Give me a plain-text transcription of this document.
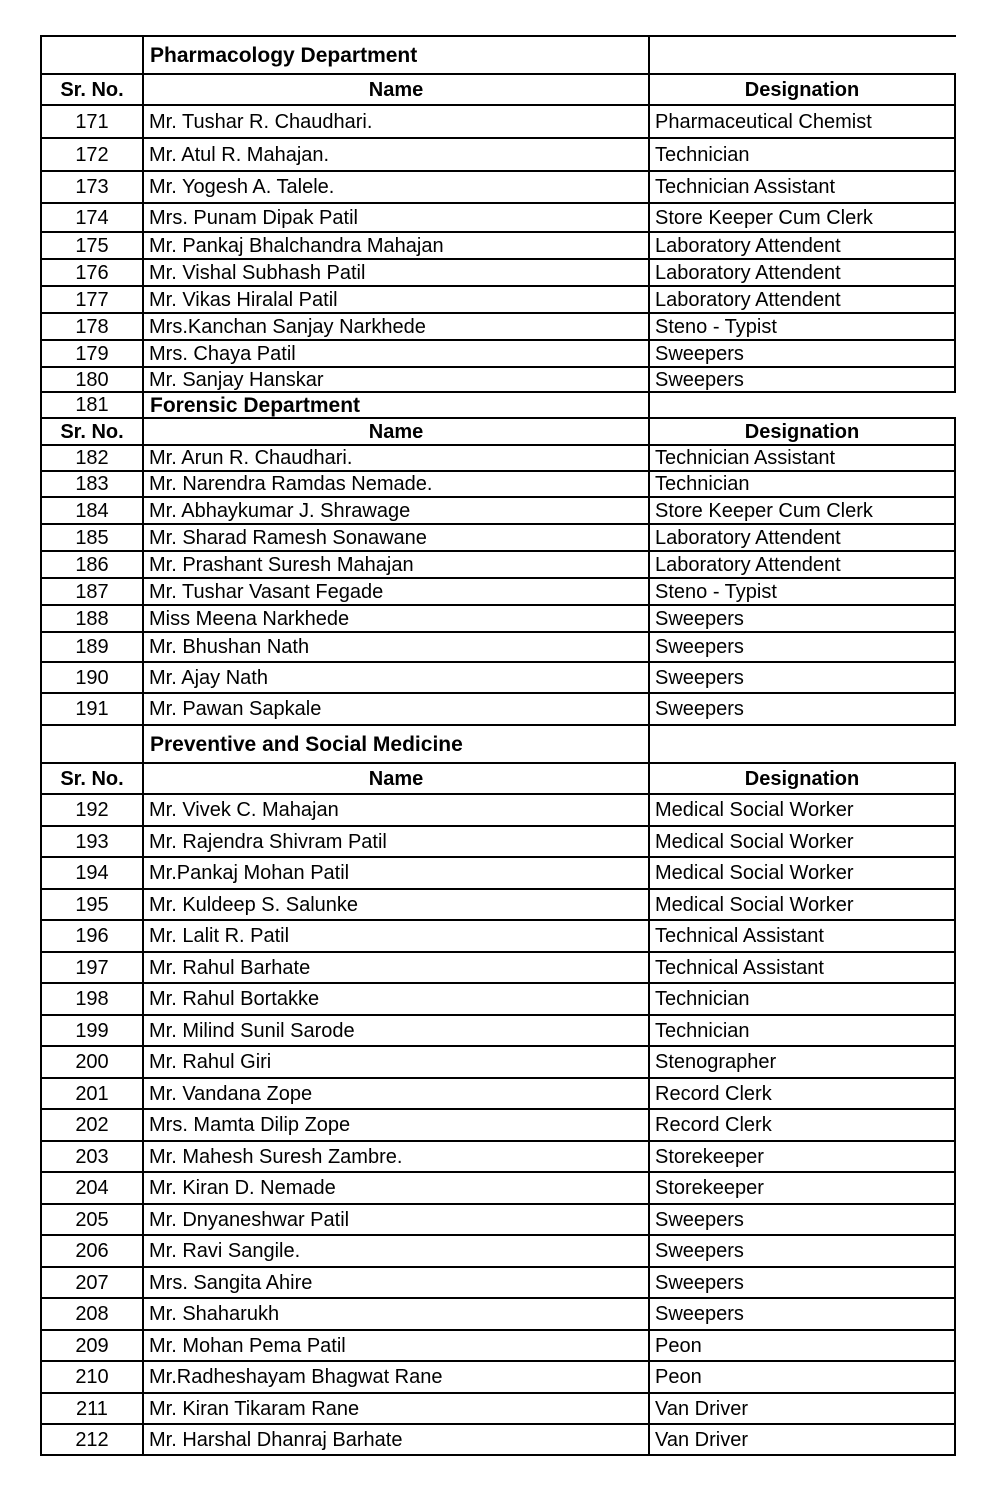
Pharmacology Department
Sr. No.	Name	Designation
171	Mr. Tushar R. Chaudhari.	Pharmaceutical Chemist
172	Mr. Atul R. Mahajan.	Technician
173	Mr. Yogesh A. Talele.	Technician Assistant
174	Mrs. Punam Dipak Patil	Store Keeper Cum Clerk
175	Mr. Pankaj Bhalchandra Mahajan	Laboratory Attendent
176	Mr. Vishal Subhash Patil	Laboratory Attendent
177	Mr. Vikas Hiralal Patil	Laboratory Attendent
178	Mrs.Kanchan Sanjay Narkhede	Steno - Typist
179	Mrs. Chaya Patil	Sweepers
180	Mr. Sanjay Hanskar	Sweepers
181	Forensic Department
Sr. No.	Name	Designation
182	Mr. Arun R. Chaudhari.	Technician Assistant
183	Mr. Narendra Ramdas Nemade.	Technician
184	Mr. Abhaykumar J. Shrawage	Store Keeper Cum Clerk
185	Mr. Sharad Ramesh Sonawane	Laboratory Attendent
186	Mr. Prashant Suresh Mahajan	Laboratory Attendent
187	Mr. Tushar Vasant Fegade	Steno - Typist
188	Miss Meena Narkhede	Sweepers
189	Mr. Bhushan Nath	Sweepers
190	Mr. Ajay Nath	Sweepers
191	Mr. Pawan Sapkale	Sweepers
Preventive and Social Medicine
Sr. No.	Name	Designation
192	Mr. Vivek C. Mahajan	Medical Social Worker
193	Mr. Rajendra Shivram Patil	Medical Social Worker
194	Mr.Pankaj Mohan Patil	Medical Social Worker
195	Mr. Kuldeep S. Salunke	Medical Social Worker
196	Mr. Lalit R. Patil	Technical Assistant
197	Mr. Rahul Barhate	Technical Assistant
198	Mr. Rahul Bortakke	Technician
199	Mr. Milind Sunil Sarode	Technician
200	Mr. Rahul Giri	Stenographer
201	Mr. Vandana Zope	Record Clerk
202	Mrs. Mamta Dilip Zope	Record Clerk
203	Mr. Mahesh Suresh Zambre.	Storekeeper
204	Mr. Kiran D. Nemade	Storekeeper
205	Mr. Dnyaneshwar Patil	Sweepers
206	Mr. Ravi Sangile.	Sweepers
207	Mrs. Sangita Ahire	Sweepers
208	Mr. Shaharukh	Sweepers
209	Mr. Mohan Pema Patil	Peon
210	Mr.Radheshayam Bhagwat Rane	Peon
211	Mr. Kiran Tikaram Rane	Van Driver
212	Mr. Harshal Dhanraj Barhate	Van Driver
